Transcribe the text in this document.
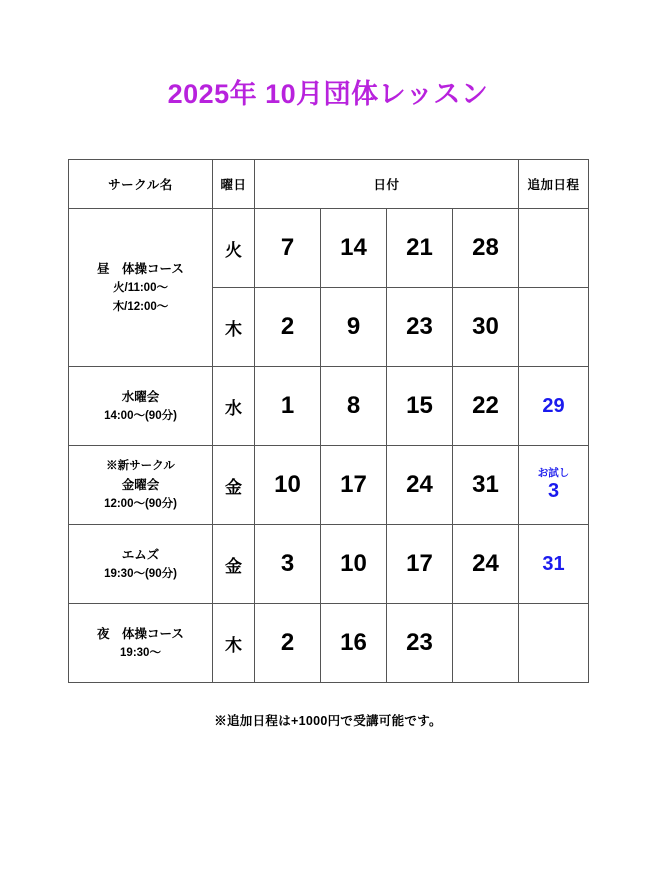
2025年 10月団体レッスン
サークル名	曜日	日付				追加日程

昼　体操コース
火/11:00〜
木/12:00〜	火	7	14	21	28	
	木	2	9	23	30	

水曜会
14:00〜(90分)	水	1	8	15	22	29

※新サークル
金曜会
12:00〜(90分)	金	10	17	24	31	お試し
3

エムズ
19:30〜(90分)	金	3	10	17	24	31

夜　体操コース
19:30〜	木	2	16	23		
※追加日程は+1000円で受講可能です。
